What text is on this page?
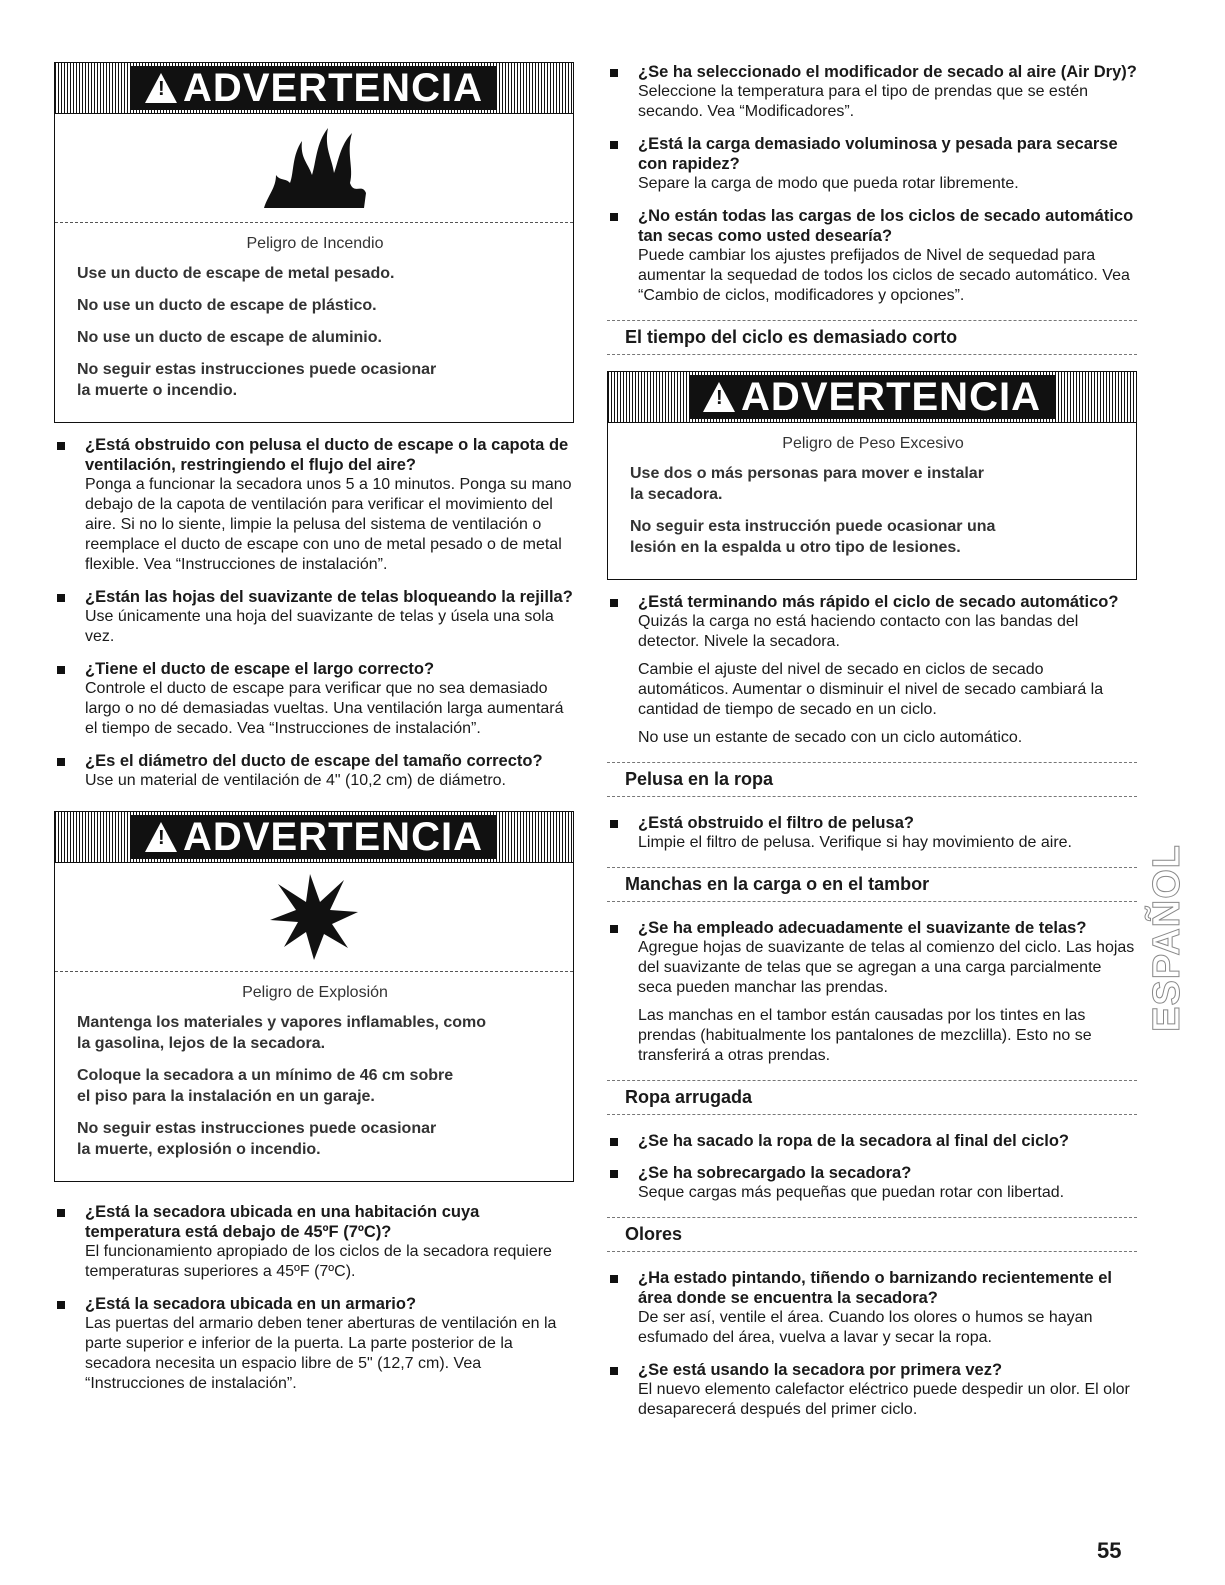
! ADVERTENCIA

Peligro de Incendio

Use un ducto de escape de metal pesado.

No use un ducto de escape de plástico.

No use un ducto de escape de aluminio.

No seguir estas instrucciones puede ocasionar
la muerte o incendio.

¿Está obstruido con pelusa el ducto de escape o la capota de ventilación, restringiendo el flujo del aire?

Ponga a funcionar la secadora unos 5 a 10 minutos. Ponga su mano debajo de la capota de ventilación para verificar el movimiento del aire. Si no lo siente, limpie la pelusa del sistema de ventilación o reemplace el ducto de escape con uno de metal pesado o de metal flexible. Vea “Instrucciones de instalación”.

¿Están las hojas del suavizante de telas bloqueando la rejilla?

Use únicamente una hoja del suavizante de telas y úsela una sola vez.

¿Tiene el ducto de escape el largo correcto?

Controle el ducto de escape para verificar que no sea demasiado largo o no dé demasiadas vueltas. Una ventilación larga aumentará el tiempo de secado. Vea “Instrucciones de instalación”.

¿Es el diámetro del ducto de escape del tamaño correcto?

Use un material de ventilación de 4" (10,2 cm) de diámetro.

! ADVERTENCIA

Peligro de Explosión

Mantenga los materiales y vapores inflamables, como
la gasolina, lejos de la secadora.

Coloque la secadora a un mínimo de 46 cm sobre
el piso para la instalación en un garaje.

No seguir estas instrucciones puede ocasionar
la muerte, explosión o incendio.

¿Está la secadora ubicada en una habitación cuya temperatura está debajo de 45ºF (7ºC)?

El funcionamiento apropiado de los ciclos de la secadora requiere temperaturas superiores a 45ºF (7ºC).

¿Está la secadora ubicada en un armario?

Las puertas del armario deben tener aberturas de ventilación en la parte superior e inferior de la puerta. La parte posterior de la secadora necesita un espacio libre de 5" (12,7 cm). Vea “Instrucciones de instalación”.

¿Se ha seleccionado el modificador de secado al aire (Air Dry)?

Seleccione la temperatura para el tipo de prendas que se estén secando. Vea “Modificadores”.

¿Está la carga demasiado voluminosa y pesada para secarse con rapidez?

Separe la carga de modo que pueda rotar libremente.

¿No están todas las cargas de los ciclos de secado automático tan secas como usted desearía?

Puede cambiar los ajustes prefijados de Nivel de sequedad para aumentar la sequedad de todos los ciclos de secado automático. Vea “Cambio de ciclos, modificadores y opciones”.

El tiempo del ciclo es demasiado corto
! ADVERTENCIA

Peligro de Peso Excesivo

Use dos o más personas para mover e instalar
la secadora.

No seguir esta instrucción puede ocasionar una
lesión en la espalda u otro tipo de lesiones.

¿Está terminando más rápido el ciclo de secado automático?

Quizás la carga no está haciendo contacto con las bandas del detector. Nivele la secadora.

Cambie el ajuste del nivel de secado en ciclos de secado automáticos. Aumentar o disminuir el nivel de secado cambiará la cantidad de tiempo de secado en un ciclo.

No use un estante de secado con un ciclo automático.

Pelusa en la ropa

¿Está obstruido el filtro de pelusa?

Limpie el filtro de pelusa. Verifique si hay movimiento de aire.

Manchas en la carga o en el tambor

¿Se ha empleado adecuadamente el suavizante de telas?

Agregue hojas de suavizante de telas al comienzo del ciclo. Las hojas del suavizante de telas que se agregan a una carga parcialmente seca pueden manchar las prendas.

Las manchas en el tambor están causadas por los tintes en las prendas (habitualmente los pantalones de mezclilla). Esto no se transferirá a otras prendas.

Ropa arrugada

¿Se ha sacado la ropa de la secadora al final del ciclo?

¿Se ha sobrecargado la secadora?

Seque cargas más pequeñas que puedan rotar con libertad.

Olores

¿Ha estado pintando, tiñendo o barnizando recientemente el área donde se encuentra la secadora?

De ser así, ventile el área. Cuando los olores o humos se hayan esfumado del área, vuelva a lavar y secar la ropa.

¿Se está usando la secadora por primera vez?

El nuevo elemento calefactor eléctrico puede despedir un olor. El olor desaparecerá después del primer ciclo.

ESPAÑOL
55
